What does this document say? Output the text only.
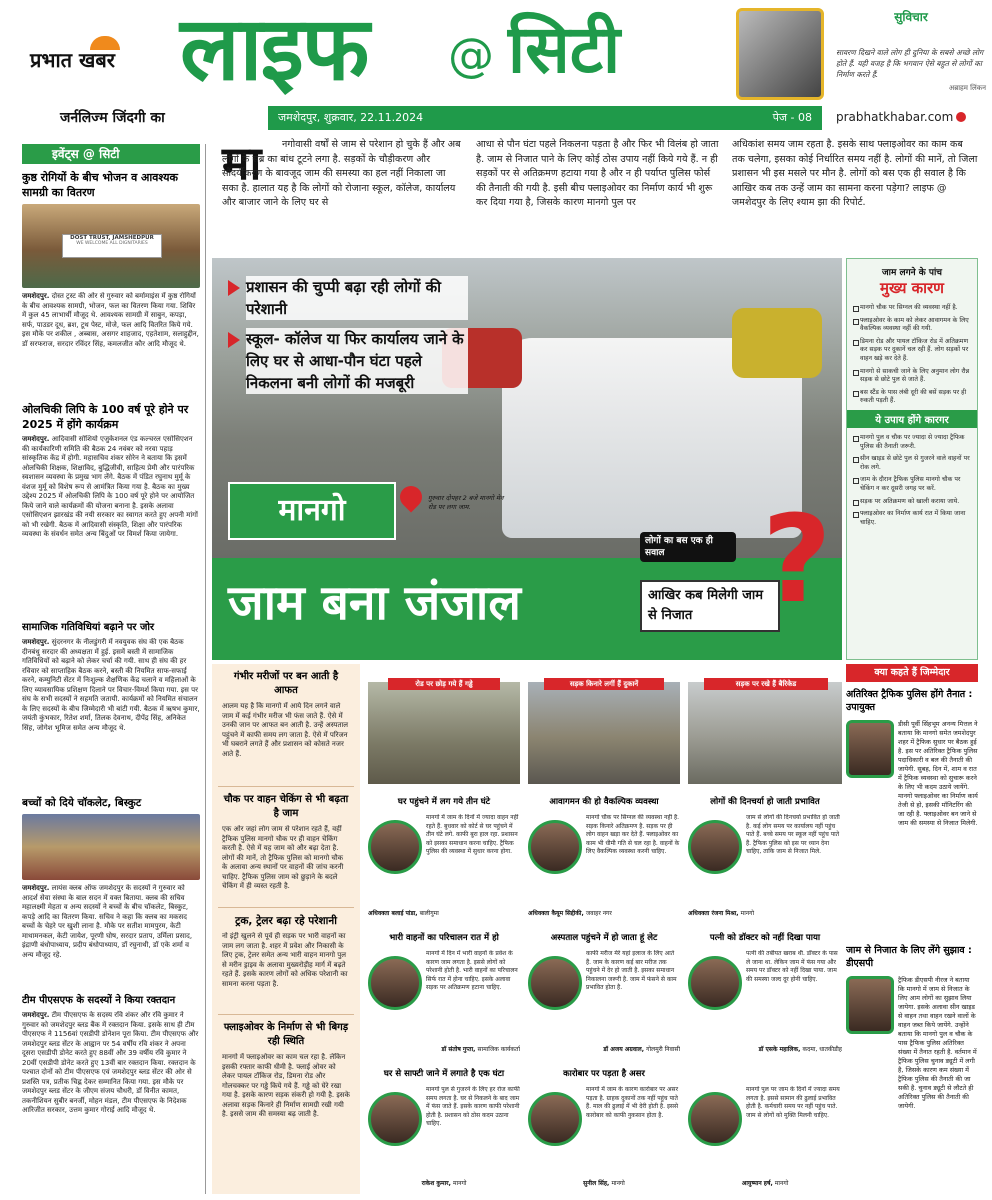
प्रभात खबर लाइफ @ सिटी
जर्नलिज्म जिंदगी का	जमशेदपुर, शुक्रवार, 22.11.2024	पेज - 08 prabhatkhabar.com
सुविचार
सावरण दिखने वाले लोग ही दुनिया के सबसे अच्छे लोग होते हैं. यही वजह है कि भगवान ऐसे बहुत से लोगों का निर्माण करते हैं.
अब्राहम लिंकन
इवेंट्स @ सिटी
कुष्ठ रोगियों के बीच भोजन व आवश्यक सामग्री का वितरण
DOST TRUST, JAMSHEDPUR
WE WELCOME ALL DIGNITARIES
जमशेदपुर. दोस्त ट्रस्ट की ओर से गुरुवार को बर्मामाइंस में कुष्ठ रोगियों के बीच आवश्यक सामग्री, भोजन, फल का वितरण किया गया. शिविर में कुल 45 लाभार्थी मौजूद थे. आवश्यक सामग्री में साबुन, कपड़ा, सर्फ, पाउडर दूध, ब्रश, टूथ पेस्ट, मोजे, फल आदि वितरित किये गये. इस मौके पर शकील , अब्बास, असगर शाहजाद, एहतेशाम, सलाहुद्दीन, डॉ सरफराज, सरदार रविंदर सिंह, कमलजीत कौर आदि मौजूद थे.
ओलचिकी लिपि के 100 वर्ष पूरे होने पर 2025 में होंगे कार्यक्रम
जमशेदपुर. आदिवासी सोशियो एजुकेशनल एंड कल्चरल एसोसिएशन की कार्यकारिणी समिति की बैठक 24 नवंबर को नरवा पहाड़ सांस्कृतिक केंद्र में होगी. महासचिव शंकर सोरेन ने बताया कि इसमें ओलचिकी शिक्षक, शिक्षाविद, बुद्धिजीवी, साहित्य प्रेमी और पारंपरिक स्वशासन व्यवस्था के प्रमुख भाग लेंगे. बैठक में पंडित रघुनाथ मुर्मू के वंशज मुर्मू को विशेष रूप से आमंत्रित किया गया है. बैठक का मुख्य उद्देश्य 2025 में ओलचिकी लिपि के 100 वर्ष पूरे होने पर आयोजित किये जाने वाले कार्यक्रमों की योजना बनाना है. इसके अलावा एसोसिएशन झारखंड की नयी सरकार का स्वागत करते हुए अपनी मांगों को भी रखेगी. बैठक में आदिवासी संस्कृति, शिक्षा और पारंपरिक व्यवस्था के संवर्धन समेत अन्य बिंदुओं पर विमर्श किया जायेगा.
सामाजिक गतिविधियां बढ़ाने पर जोर
जमशेदपुर. सुंदरनगर के नीलडुंगरी में नवयुवक संघ की एक बैठक दीनबंधु सरदार की अध्यक्षता में हुई. इसमें बस्ती में सामाजिक गतिविधियों को बढ़ाने को लेकर चर्चा की गयी. साथ ही संघ की हर रविवार को साप्ताहिक बैठक करने, बस्ती की नियमित साफ-सफाई करने, कम्युनिटी सेंटर में निःशुल्क शैक्षणिक केंद्र चलाने व महिलाओं के लिए व्यावसायिक प्रशिक्षण दिलाने पर विचार-विमर्श किया गया. इस पर संघ के सभी सदस्यों ने सहमति जतायी. कार्यक्रमों को नियमित संचालन के लिए सदस्यों के बीच जिम्मेदारी भी बांटी गयी. बैठक में ऋषभ कुमार, जयंती कुंभकार, रितेश शर्मा, तिलक देवनाथ, दीपेंद्र सिंह, अनिकेत सिंह, जोगेश भूमिज समेत अन्य मौजूद थे.
बच्चों को दिये चॉकलेट, बिस्कुट
जमशेदपुर. लायंस क्लब ऑफ जमशेदपुर के सदस्यों ने गुरुवार को आदर्श सेवा संस्था के बाल सदन में वक्त बिताया. क्लब की सचिव महालक्ष्मी मेहता व अन्य सदस्यों ने बच्चों के बीच चॉकलेट, बिस्कुट, कपड़े आदि का वितरण किया. सचिव ने कहा कि क्लब का मकसद बच्चों के चेहरे पर खुशी लाना है. मौके पर सतीश मामपुरम, केटी माथामनकल, केटी जायेश, पूरणी घोष, सरदार प्रताप, उर्मिला प्रसाद, इंद्राणी बंधोपाध्याय, प्रदीप बंधोपाध्याय, डॉ रघुनाथी, डॉ एके शर्मा व अन्य मौजूद रहे.
टीम पीएसएफ के सदस्यों ने किया रक्तदान
जमशेदपुर. टीम पीएसएफ के सदस्य रवि शंकर और रवि कुमार ने गुरुवार को जमशेदपुर ब्लड बैंक में रक्तदान किया. इसके साथ ही टीम पीएसएफ ने 1156वां एसडीपी डोनेशन पूरा किया. टीम पीएसएफ और जमशेदपुर ब्लड सेंटर के आह्वान पर 54 वर्षीय रवि शंकर ने अपना दूसरा एसडीपी डोनेट करते हुए 88वीं और 39 वर्षीय रवि कुमार ने 20वीं एसडीपी डोनेट करते हुए 13वीं बार रक्तदान किया. रक्तदान के पश्चात दोनों को टीम पीएसएफ एवं जमशेदपुर ब्लड सेंटर की ओर से प्रशस्ति पत्र, प्रतीक चिह्न देकर सम्मानित किया गया. इस मौके पर जमशेदपुर ब्लड सेंटर के जीएम संजय चौधरी, डॉ विनीत कामत, तकनीशियन सुबीर बनर्जी, मोहन मंडल, टीम पीएसएफ के निदेशक आरिजीत सरकार, उत्तम कुमार गोराई आदि मौजूद थे.
मा	नगोवासी वर्षों से जाम से परेशान हो चुके हैं और अब लोगों के सब्र का बांध टूटने लगा है. सड़कों के चौड़ीकरण और सौंदर्यीकरण के बावजूद जाम की समस्या का हल नहीं निकाला जा सका है. हालात यह है कि लोगों को रोजाना स्कूल, कॉलेज, कार्यालय और बाजार जाने के लिए घर से
आधा से पौन घंटा पहले निकलना पड़ता है और फिर भी विलंब हो जाता है. जाम से निजात पाने के लिए कोई ठोस उपाय नहीं किये गये हैं. न ही सड़कों पर से अतिक्रमण हटाया गया है और न ही पर्याप्त पुलिस फोर्स की तैनाती की गयी है. इसी बीच फ्लाइओवर का निर्माण कार्य भी शुरू कर दिया गया है, जिसके कारण मानगो पुल पर
अधिकांश समय जाम रहता है. इसके साथ फ्लाइओवर का काम कब तक चलेगा, इसका कोई निर्धारित समय नहीं है. लोगों की मानें, तो जिला प्रशासन भी इस मसले पर मौन है. लोगों को बस एक ही सवाल है कि आखिर कब तक उन्हें जाम का सामना करना पड़ेगा? लाइफ @ जमशेदपुर के लिए श्याम झा की रिपोर्ट.
प्रशासन की चुप्पी बढ़ा रही लोगों की परेशानी
स्कूल- कॉलेज या फिर कार्यालय जाने के लिए घर से आधा-पौन घंटा पहले निकलना बनी लोगों की मजबूरी
मानगो	गुरुवार दोपहर 2 बजे मानगो मेन रोड पर लगा जाम.
जाम बना जंजाल
लोगों का बस एक ही सवाल
आखिर कब मिलेगी जाम से निजात ?
जाम लगने के पांच
मुख्य कारण
मानगो चौक पर सिग्नल की व्यवस्था नहीं है.
फ्लाइओवर के काम को लेकर आवागमन के लिए वैकल्पिक व्यवस्था नहीं की गयी.
डिमना रोड और पायल टॉकिज रोड में अतिक्रमण कर सड़क पर दुकानें चल रही हैं. लोग सड़कों पर वाहन खड़े कर देते हैं.
मानगो से साकची जाने के लिए अनुमान लोग रौन्न सड़क से छोटे पुल से जाते हैं.
बस स्टैंड के पास लंबी दूरी की बसें सड़क पर ही रुकती पड़ती हैं.
ये उपाय होंगे कारगर
मानगो पुल व चौक पर ज्यादा से ज्यादा ट्रैफिक पुलिस की तैनाती जरूरी.
सीन खाइड से छोटे पुल से गुजरने वाले वाहनों पर रोक लगे.
जाम के दौरान ट्रैफिक पुलिस मानगो चौक पर चेकिंग न कर दूसरी जगह पर करें.
सड़क पर अतिक्रमण को खाली कराया जाये.
फ्लाइओवर का निर्माण कार्य रात में किया जाना चाहिए.
क्या कहते हैं जिम्मेदार
अतिरिक्त ट्रैफिक पुलिस होंगे तैनात : उपायुक्त
डीसी पूर्वी सिंहभूम अनन्य मित्तल ने बताया कि मानगो समेत जमशेदपुर शहर में ट्रैफिक सुधार पर बैठक हुई है. इस पर अतिरिक्त ट्रैफिक पुलिस पदाधिकारी व बल की तैनाती की जायेगी. सुबह, दिन में, शाम व रात में ट्रैफिक व्यवस्था को सुचारू करने के लिए भी कदम उठाये जायेंगे. मानगो फ्लाइओवर का निर्माण कार्य तेजी से हो, इसकी मॉनिटरिंग की जा रही है. फ्लाइओवर बन जाने से जाम की समस्या से निजात मिलेगी.
जाम से निजात के लिए लेंगे सुझाव : डीएसपी
ट्रैफिक डीएसपी नीरज ने बताया कि मानगो में जाम से निजात के लिए आम लोगों का सुझाव लिया जायेगा. इसके अलावा सीन खाइड से वाहन तथा वाहन रखने वालों के वाहन जब्त किये जायेंगे. उन्होंने बताया कि मानगो पुल व चौक के पास ट्रैफिक पुलिस अतिरिक्त संख्या में तैनात रहती है. वर्तमान में ट्रैफिक पुलिस चुनाव ड्यूटी में लगी है, जिसके कारण कम संख्या में ट्रैफिक पुलिस की तैनाती की जा सकी है. चुनाव ड्यूटी से लौटते ही अतिरिक्त पुलिस की तैनाती की जायेगी.
गंभीर मरीजों पर बन आती है आफत
आलम यह है कि मानगो में आये दिन लगने वाले जाम में कई गंभीर मरीज भी फंस जाते हैं. ऐसे में उनकी जान पर आफत बन आती है. उन्हें अस्पताल पहुंचने में काफी समय लग जाता है. ऐसे में परिजन भी घबराने लगते हैं और प्रशासन को कोसते नजर आते हैं.
चौक पर वाहन चेकिंग से भी बढ़ता है जाम
एक ओर जहां लोग जाम से परेशान रहते हैं, वहीं ट्रैफिक पुलिस मानगो चौक पर ही वाहन चेकिंग करती है. ऐसे में यह जाम को और बढ़ा देता है. लोगों की मानें, तो ट्रैफिक पुलिस को मानगो चौक के अलावा अन्य स्थानों पर वाहनों की जांच करनी चाहिए. ट्रैफिक पुलिस जाम को छुड़ाने के बदले चेकिंग में ही व्यस्त रहती है.
ट्रक, ट्रेलर बढ़ा रहे परेशानी
नो इंट्री खुलने से पूर्व ही सड़क पर भारी वाहनों का जाम लग जाता है. शहर में प्रवेश और निकासी के लिए ट्रक, ट्रेलर समेत अन्य भारी वाहन मानगो पुल से मरीन ड्राइव के अलावा मुख्यरोड़ीह मार्ग में बढ़ते रहते हैं. इसके कारण लोगों को अधिक परेशानी का सामना करना पड़ता है.
फ्लाइओवर के निर्माण से भी बिगड़ रही स्थिति
मानगो में फ्लाइओवर का काम चल रहा है. लेकिन इसकी रफ्तार काफी धीमी है. फ्लाई ओवर को लेकर पायल टॉकिज रोड, डिमना रोड और गोलचक्कर पर गड्ढे किये गये हैं. गड्ढे को घेरे रखा गया है. इसके कारण सड़क संकरी हो गयी है. इसके अलावा सड़क किनारे ही निर्माण सामग्री रखी गयी है. इससे जाम की समस्या बढ़ जाती है.
रोड पर छोड़ गये हैं गड्ढे	सड़क किनारे लगीं हैं दुकानें	सड़क पर रखे हैं बैरिकेड
घर पहुंचने में लग गये तीन घंटे
मानगो में जाम के दिनों में ज्यादा वाहन नहीं रहते हैं. बुधवार को कोर्ट से घर पहुंचने में तीन घंटे लगे. काफी बुरा हाल रहा. प्रशासन को इसका समाधान करना चाहिए. ट्रैफिक पुलिस की व्यवस्था में सुधार करना होगा.
अधिवक्ता बलाई पांडा, बालीगुमा
आवागमन की हो वैकल्पिक व्यवस्था
मानगो चौक पर सिग्नल की व्यवस्था नहीं है. सड़क किनारे अतिक्रमण है. सड़क पर ही लोग वाहन खड़ा कर देते हैं. फ्लाइओवर का काम भी धीमी गति से चल रहा है. वाहनों के लिए वैकल्पिक व्यवस्था करनी चाहिए.
अधिवक्ता कैयूम सिद्दीकी, जवाहर नगर
लोगों की दिनचर्या हो जाती प्रभावित
जाम से लोगों की दिनचर्या प्रभावित हो जाती है. कई लोग समय पर कार्यालय नहीं पहुंच पाते हैं. बच्चे समय पर स्कूल नहीं पहुंच पाते हैं. ट्रैफिक पुलिस को इस पर ध्यान देना चाहिए, ताकि जाम से निजात मिले.
अधिवक्ता रंजना मिश्रा, मानगो
भारी वाहनों का परिचालन रात में हो
मानगो में दिन में भारी वाहनों के प्रवेश के कारण जाम लगता है. इससे लोगों को परेशानी होती है. भारी वाहनों का परिचालन सिर्फ रात में होना चाहिए. इसके अलावा सड़क पर अतिक्रमण हटाना चाहिए.
डॉ संतोष गुप्ता, सामाजिक कार्यकर्ता
अस्पताल पहुंचने में हो जाता हूं लेट
काफी मरीज मेरे यहां इलाज के लिए आते हैं. जाम के कारण कई बार मरीज तक पहुंचने में देर हो जाती है. इसका समाधान निकालना जरूरी है. जाम में फंसने से काम प्रभावित होता है.
डॉ अजय अग्रवाल, गोलमुरी निवासी
पत्नी को डॉक्टर को नहीं दिखा पाया
पत्नी की तबीयत खराब थी. डॉक्टर के पास ले जाना था. लेकिन जाम में फंस गया और समय पर डॉक्टर को नहीं दिखा पाया. जाम की समस्या जल्द दूर होनी चाहिए.
डॉ एसके महालिक, कदमा, धातकीडीह
घर से साफ्टी जाने में लगाते है एक घंटा
मानगो पुल से गुजरने के लिए हर रोज काफी समय लगता है. घर से निकलने के बाद जाम में फंस जाते हैं. इसके कारण काफी परेशानी होती है. प्रशासन को ठोस कदम उठाना चाहिए.
राकेश कुमार, मानगो
कारोबार पर पड़ता है असर
मानगो में जाम के कारण कारोबार पर असर पड़ता है. ग्राहक दुकानों तक नहीं पहुंच पाते हैं. माल की ढुलाई में भी देरी होती है. इससे कारोबार को काफी नुकसान होता है.
सुनील सिंह, मानगो
मानगो पुल पर जाम के दिनों में ज्यादा समय लगता है. इससे सामान की ढुलाई प्रभावित होती है. कर्मचारी समय पर नहीं पहुंच पाते. जाम से लोगों को मुक्ति मिलनी चाहिए.
आयुष्मान हर्ष, मानगो
